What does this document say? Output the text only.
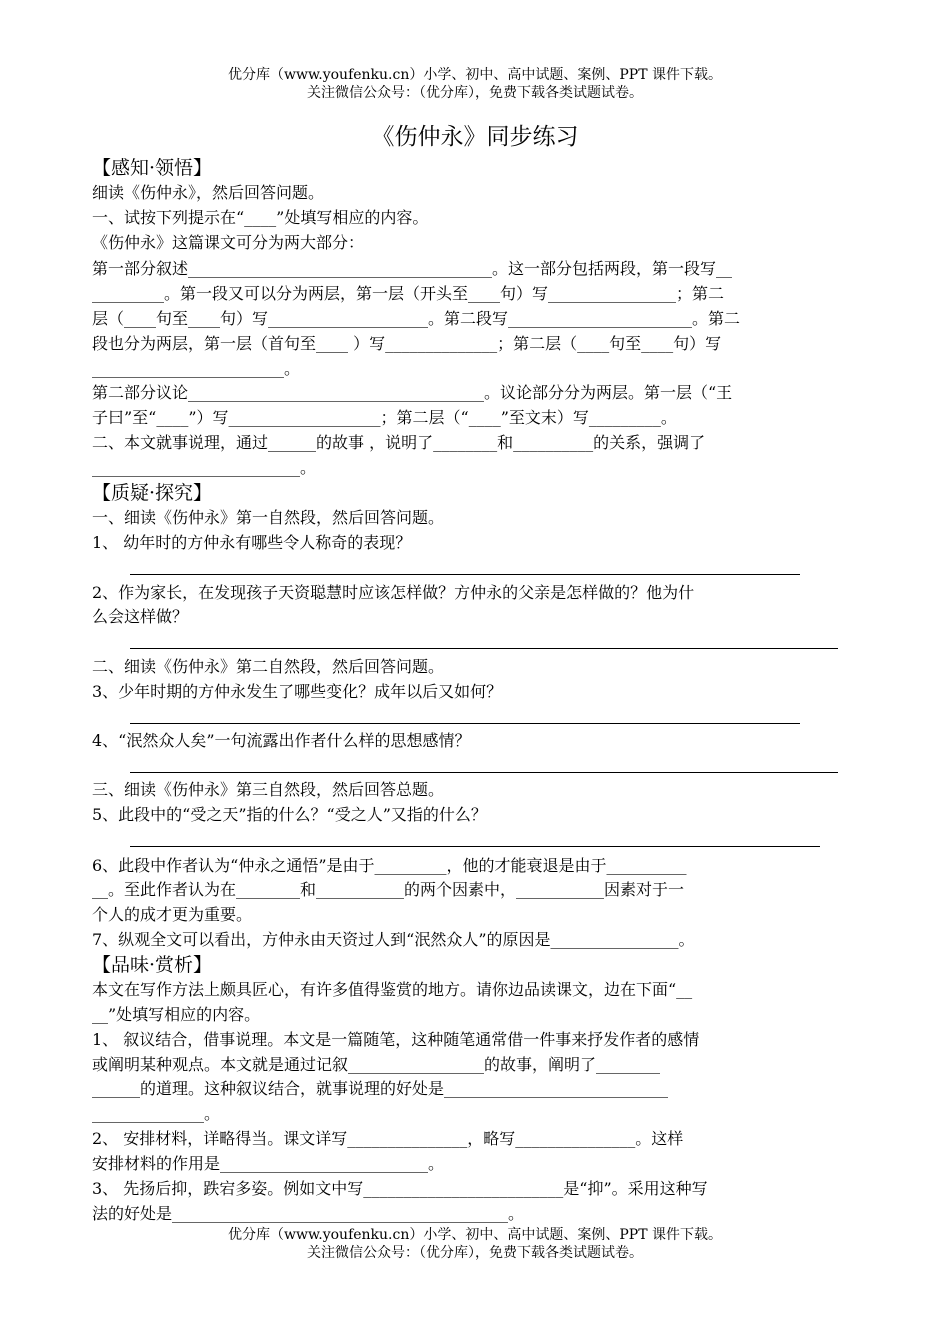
优分库（www.youfenku.cn）小学、初中、高中试题、案例、PPT 课件下载。
关注微信公众号：（优分库），免费下载各类试题试卷。
《伤仲永》同步练习
【感知·领悟】
细读《伤仲永》，然后回答问题。
一、试按下列提示在“____”处填写相应的内容。
《伤仲永》这篇课文可分为两大部分：
第一部分叙述______________________________________。这一部分包括两段，第一段写__
_________。第一段又可以分为两层，第一层（开头至____句）写________________；第二
层（____句至____句）写____________________。第二段写_______________________。第二
段也分为两层，第一层（首句至____ ）写______________；第二层（____句至____句）写
________________________。
第二部分议论_____________________________________。议论部分分为两层。第一层（“王
子曰”至“____”）写___________________；第二层（“____”至文末）写_________。
二、本文就事说理，通过______的故事 ，说明了________和__________的关系，强调了
__________________________。
【质疑·探究】
一、细读《伤仲永》第一自然段，然后回答问题。
1、 幼年时的方仲永有哪些令人称奇的表现？
2、作为家长，在发现孩子天资聪慧时应该怎样做？方仲永的父亲是怎样做的？他为什
么会这样做？
二、细读《伤仲永》第二自然段，然后回答问题。
3、少年时期的方仲永发生了哪些变化？成年以后又如何？
4、“泯然众人矣”一句流露出作者什么样的思想感情？
三、细读《伤仲永》第三自然段，然后回答总题。
5、此段中的“受之天”指的什么？“受之人”又指的什么？
6、此段中作者认为“仲永之通悟”是由于_________，他的才能衰退是由于__________
__。至此作者认为在________和___________的两个因素中，___________因素对于一
个人的成才更为重要。
7、纵观全文可以看出，方仲永由天资过人到“泯然众人”的原因是________________。
【品味·赏析】
本文在写作方法上颇具匠心，有许多值得鉴赏的地方。请你边品读课文，边在下面“__
__”处填写相应的内容。
1、 叙议结合，借事说理。本文是一篇随笔，这种随笔通常借一件事来抒发作者的感情
或阐明某种观点。本文就是通过记叙_________________的故事，阐明了________
______的道理。这种叙议结合，就事说理的好处是____________________________
______________。
2、 安排材料，详略得当。课文详写_______________，略写_______________。这样
安排材料的作用是__________________________。
3、 先扬后抑，跌宕多姿。例如文中写_________________________是“抑”。采用这种写
法的好处是__________________________________________。
优分库（www.youfenku.cn）小学、初中、高中试题、案例、PPT 课件下载。
关注微信公众号：（优分库），免费下载各类试题试卷。
